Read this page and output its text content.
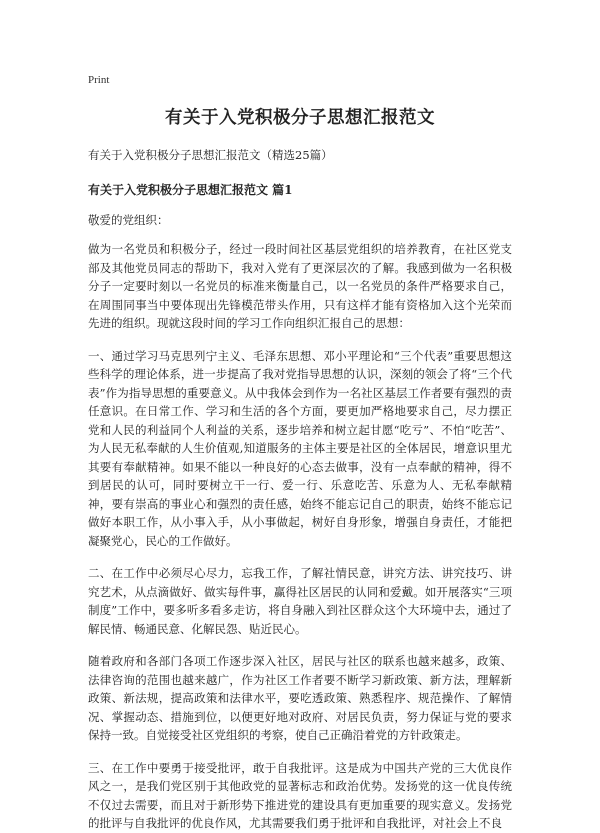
Print
有关于入党积极分子思想汇报范文
有关于入党积极分子思想汇报范文（精选25篇）
有关于入党积极分子思想汇报范文 篇1
敬爱的党组织：

做为一名党员和积极分子，经过一段时间社区基层党组织的培养教育，在社区党支部及其他党员同志的帮助下，我对入党有了更深层次的了解。我感到做为一名积极分子一定要时刻以一名党员的标准来衡量自己，以一名党员的条件严格要求自己，在周围同事当中要体现出先锋模范带头作用，只有这样才能有资格加入这个光荣而先进的组织。现就这段时间的学习工作向组织汇报自己的思想：

一、通过学习马克思列宁主义、毛泽东思想、邓小平理论和“三个代表”重要思想这些科学的理论体系，进一步提高了我对党指导思想的认识，深刻的领会了将“三个代表”作为指导思想的重要意义。从中我体会到作为一名社区基层工作者要有强烈的责任意识。在日常工作、学习和生活的各个方面，要更加严格地要求自己，尽力摆正党和人民的利益同个人利益的关系，逐步培养和树立起甘愿“吃亏”、不怕“吃苦”、为人民无私奉献的人生价值观,知道服务的主体主要是社区的全体居民，增意识里尤其要有奉献精神。如果不能以一种良好的心态去做事，没有一点奉献的精神，得不到居民的认可，同时要树立干一行、爱一行、乐意吃苦、乐意为人、无私奉献精神，要有崇高的事业心和强烈的责任感，始终不能忘记自己的职责，始终不能忘记做好本职工作，从小事入手，从小事做起，树好自身形象，增强自身责任，才能把凝聚党心，民心的工作做好。

二、在工作中必须尽心尽力，忘我工作，了解社情民意，讲究方法、讲究技巧、讲究艺术，从点滴做好、做实每件事，赢得社区居民的认同和爱戴。如开展落实“三项制度”工作中，要多听多看多走访，将自身融入到社区群众这个大环境中去，通过了解民情、畅通民意、化解民怨、贴近民心。

随着政府和各部门各项工作逐步深入社区，居民与社区的联系也越来越多，政策、法律咨询的范围也越来越广，作为社区工作者要不断学习新政策、新方法，理解新政策、新法规，提高政策和法律水平，要吃透政策、熟悉程序、规范操作、了解情况、掌握动态、措施到位，以便更好地对政府、对居民负责，努力保证与党的要求保持一致。自觉接受社区党组织的考察，使自己正确沿着党的方针政策走。

三、在工作中要勇于接受批评，敢于自我批评。这是成为中国共产党的三大优良作风之一，是我们党区别于其他政党的显著标志和政治优势。发扬党的这一优良传统不仅过去需要，而且对于新形势下推进党的建设具有更加重要的现实意义。发扬党的批评与自我批评的优良作风，尤其需要我们勇于批评和自我批评，对社会上不良
